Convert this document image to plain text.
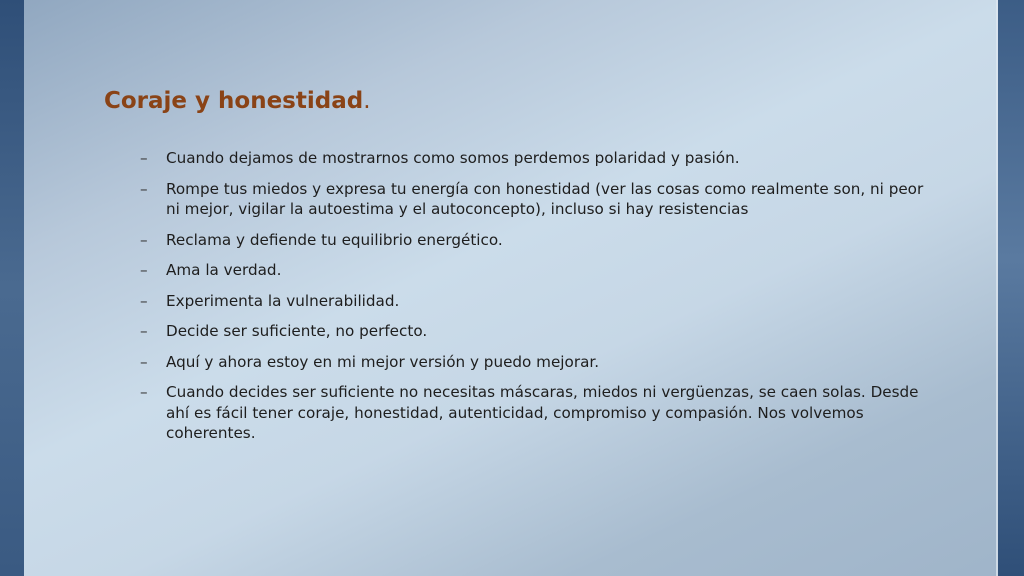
Coraje y honestidad.
– Cuando dejamos de mostrarnos como somos perdemos polaridad y pasión.
– Rompe tus miedos y expresa tu energía con honestidad (ver las cosas como realmente son, ni peor ni mejor, vigilar la autoestima y el autoconcepto), incluso si hay resistencias
– Reclama y defiende tu equilibrio energético.
– Ama la verdad.
– Experimenta la vulnerabilidad.
– Decide ser suficiente, no perfecto.
– Aquí y ahora estoy en mi mejor versión y puedo mejorar.
– Cuando decides ser suficiente no necesitas máscaras, miedos ni vergüenzas, se caen solas. Desde ahí es fácil tener coraje, honestidad, autenticidad, compromiso y compasión. Nos volvemos coherentes.
